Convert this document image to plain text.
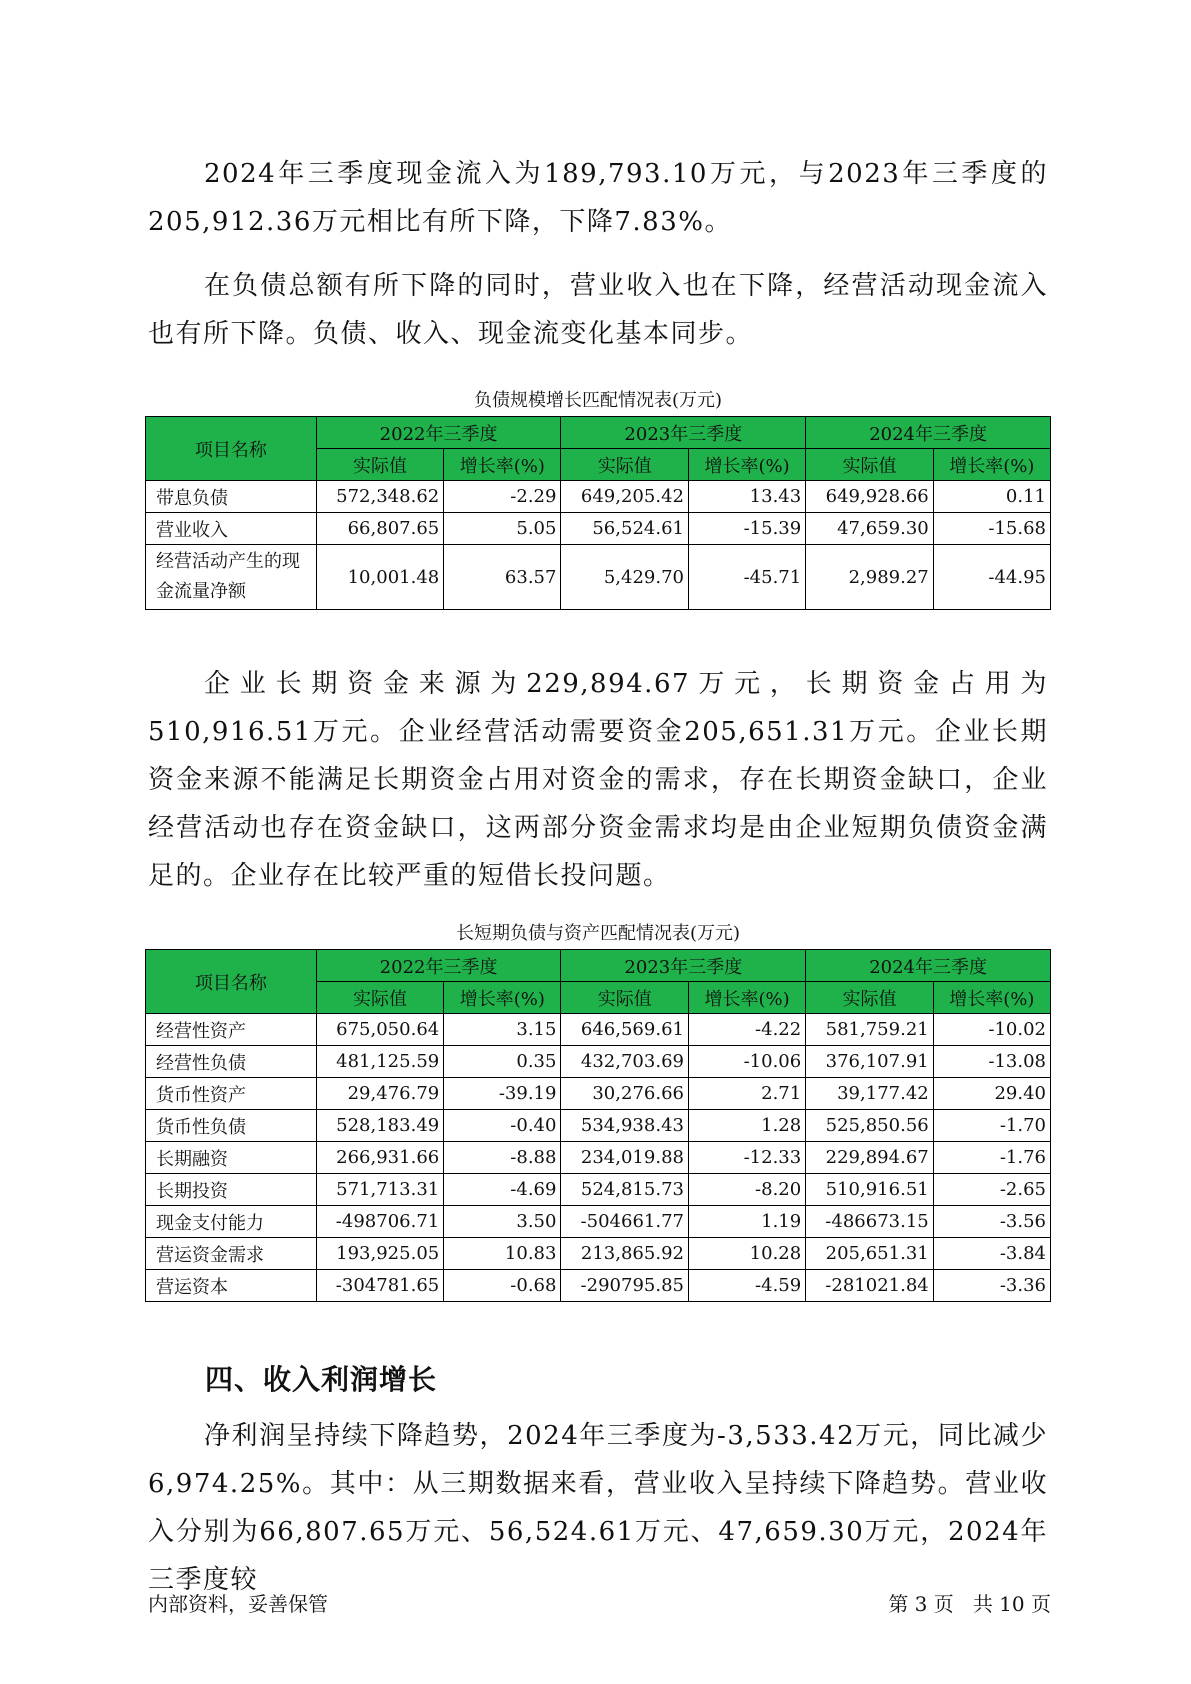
2024年三季度现金流入为189,793.10万元，与2023年三季度的205,912.36万元相比有所下降，下降7.83%。

在负债总额有所下降的同时，营业收入也在下降，经营活动现金流入也有所下降。负债、收入、现金流变化基本同步。

负债规模增长匹配情况表(万元)
项目名称	2022年三季度		2023年三季度		2024年三季度	
	实际值	增长率(%)	实际值	增长率(%)	实际值	增长率(%)
带息负债	572,348.62	-2.29	649,205.42	13.43	649,928.66	0.11
营业收入	66,807.65	5.05	56,524.61	-15.39	47,659.30	-15.68
经营活动产生的现金流量净额	10,001.48	63.57	5,429.70	-45.71	2,989.27	-44.95

企业长期资金来源为229,894.67万元，长期资金占用为510,916.51万元。企业经营活动需要资金205,651.31万元。企业长期资金来源不能满足长期资金占用对资金的需求，存在长期资金缺口，企业经营活动也存在资金缺口，这两部分资金需求均是由企业短期负债资金满足的。企业存在比较严重的短借长投问题。

长短期负债与资产匹配情况表(万元)
项目名称	2022年三季度		2023年三季度		2024年三季度	
	实际值	增长率(%)	实际值	增长率(%)	实际值	增长率(%)
经营性资产	675,050.64	3.15	646,569.61	-4.22	581,759.21	-10.02
经营性负债	481,125.59	0.35	432,703.69	-10.06	376,107.91	-13.08
货币性资产	29,476.79	-39.19	30,276.66	2.71	39,177.42	29.40
货币性负债	528,183.49	-0.40	534,938.43	1.28	525,850.56	-1.70
长期融资	266,931.66	-8.88	234,019.88	-12.33	229,894.67	-1.76
长期投资	571,713.31	-4.69	524,815.73	-8.20	510,916.51	-2.65
现金支付能力	-498706.71	3.50	-504661.77	1.19	-486673.15	-3.56
营运资金需求	193,925.05	10.83	213,865.92	10.28	205,651.31	-3.84
营运资本	-304781.65	-0.68	-290795.85	-4.59	-281021.84	-3.36
四、收入利润增长

净利润呈持续下降趋势，2024年三季度为-3,533.42万元，同比减少6,974.25%。其中：从三期数据来看，营业收入呈持续下降趋势。营业收入分别为66,807.65万元、56,524.61万元、47,659.30万元，2024年三季度较

内部资料，妥善保管	第 3 页   共 10 页
